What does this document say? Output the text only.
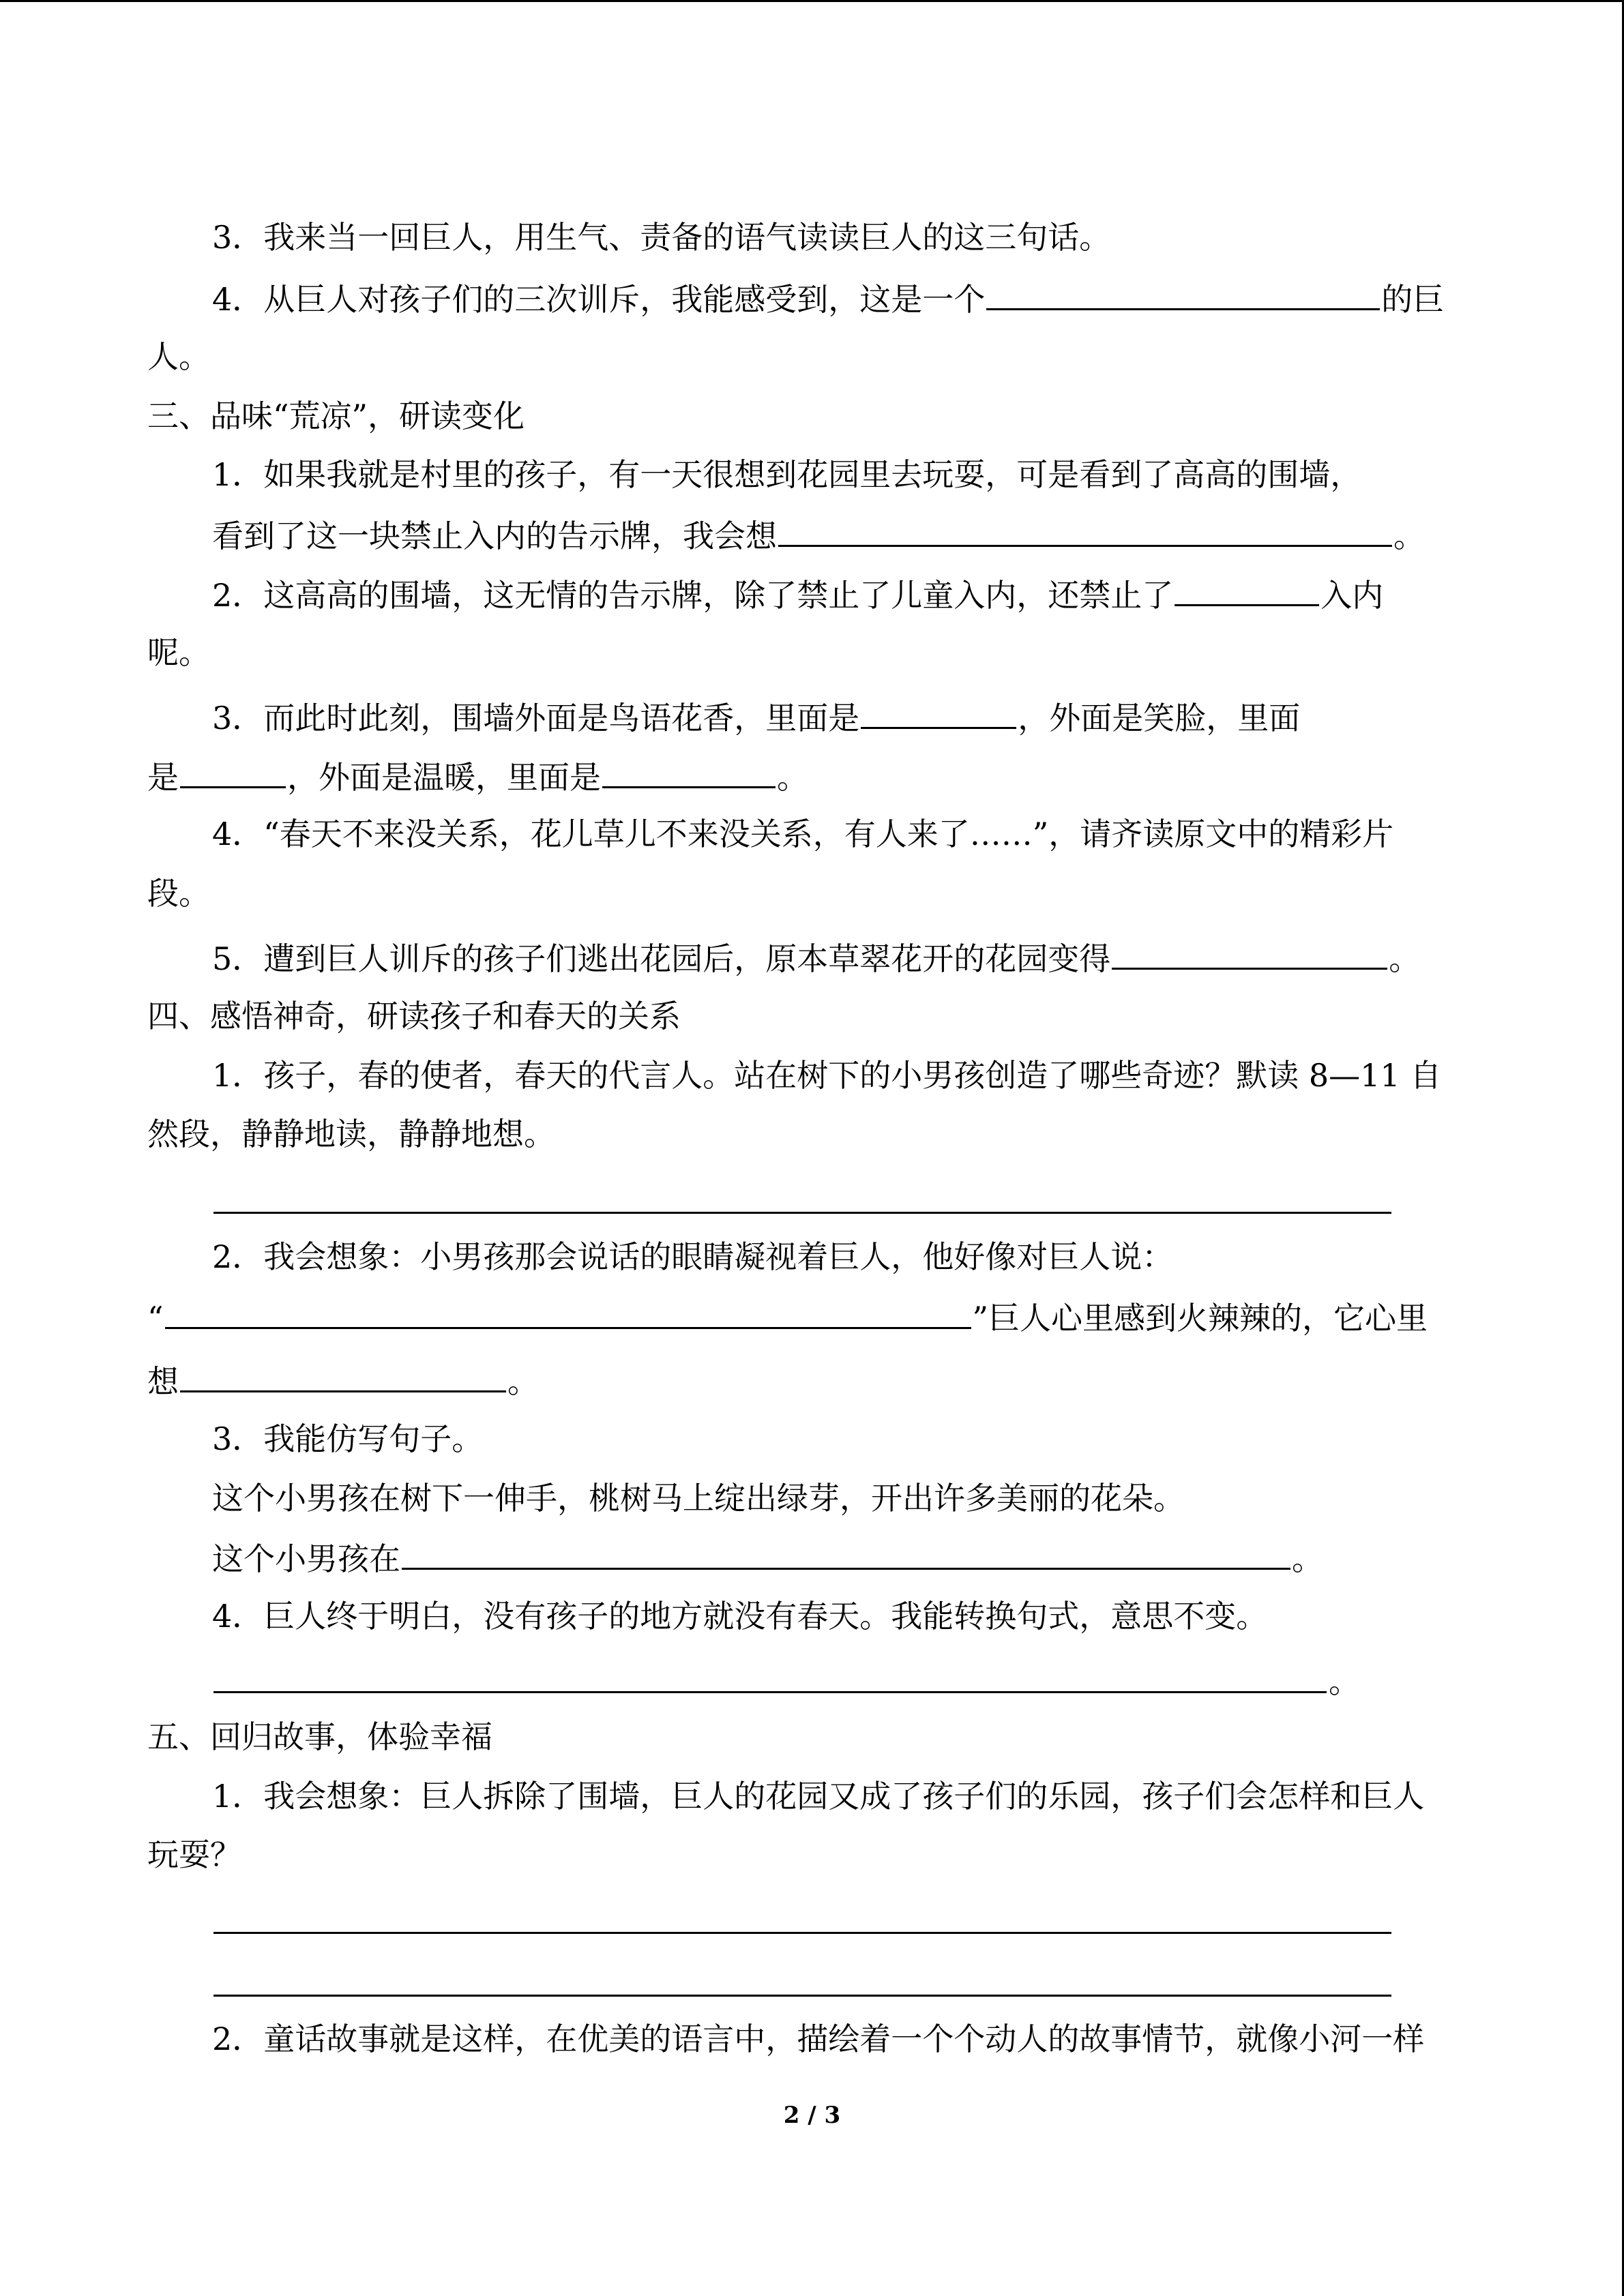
3．我来当一回巨人，用生气、责备的语气读读巨人的这三句话。
4．从巨人对孩子们的三次训斥，我能感受到，这是一个	的巨
人。
三、品味“荒凉”，研读变化
1．如果我就是村里的孩子，有一天很想到花园里去玩耍，可是看到了高高的围墙，
看到了这一块禁止入内的告示牌，我会想	。
2．这高高的围墙，这无情的告示牌，除了禁止了儿童入内，还禁止了	入内
呢。
3．而此时此刻，围墙外面是鸟语花香，里面是	，外面是笑脸，里面
是	，外面是温暖，里面是	。
4．“春天不来没关系，花儿草儿不来没关系，有人来了……”，请齐读原文中的精彩片
段。
5．遭到巨人训斥的孩子们逃出花园后，原本草翠花开的花园变得	。
四、感悟神奇，研读孩子和春天的关系
1．孩子，春的使者，春天的代言人。站在树下的小男孩创造了哪些奇迹？默读 8—11 自
然段，静静地读，静静地想。
2．我会想象：小男孩那会说话的眼睛凝视着巨人，他好像对巨人说：
“	”巨人心里感到火辣辣的，它心里
想	。
3．我能仿写句子。
这个小男孩在树下一伸手，桃树马上绽出绿芽，开出许多美丽的花朵。
这个小男孩在	。
4．巨人终于明白，没有孩子的地方就没有春天。我能转换句式，意思不变。
。
五、回归故事，体验幸福
1．我会想象：巨人拆除了围墙，巨人的花园又成了孩子们的乐园，孩子们会怎样和巨人
玩耍？
2．童话故事就是这样，在优美的语言中，描绘着一个个动人的故事情节，就像小河一样
2 / 3
